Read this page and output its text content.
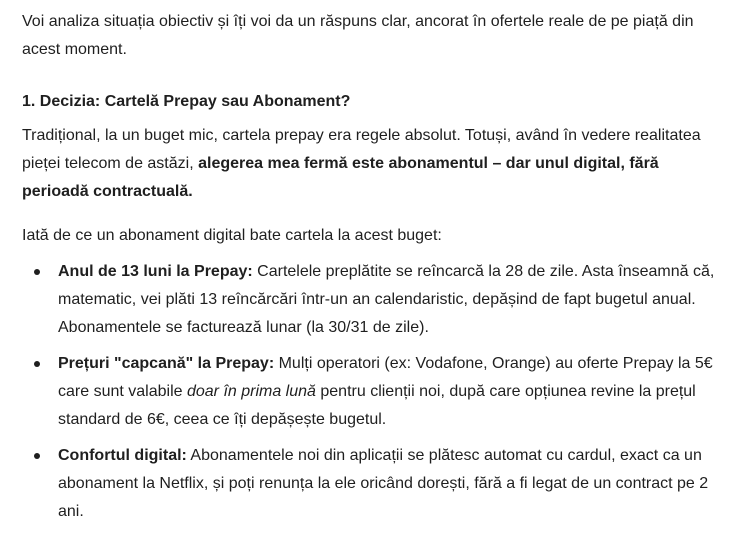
Voi analiza situația obiectiv și îți voi da un răspuns clar, ancorat în ofertele reale de pe piață din acest moment.

1. Decizia: Cartelă Prepay sau Abonament?

Tradițional, la un buget mic, cartela prepay era regele absolut. Totuși, având în vedere realitatea pieței telecom de astăzi, alegerea mea fermă este abonamentul – dar unul digital, fără perioadă contractuală.

Iată de ce un abonament digital bate cartela la acest buget:

Anul de 13 luni la Prepay: Cartelele preplătite se reîncarcă la 28 de zile. Asta înseamnă că, matematic, vei plăti 13 reîncărcări într-un an calendaristic, depășind de fapt bugetul anual. Abonamentele se facturează lunar (la 30/31 de zile).
Prețuri "capcană" la Prepay: Mulți operatori (ex: Vodafone, Orange) au oferte Prepay la 5€ care sunt valabile doar în prima lună pentru clienții noi, după care opțiunea revine la prețul standard de 6€, ceea ce îți depășește bugetul.
Confortul digital: Abonamentele noi din aplicații se plătesc automat cu cardul, exact ca un abonament la Netflix, și poți renunța la ele oricând dorești, fără a fi legat de un contract pe 2 ani.
